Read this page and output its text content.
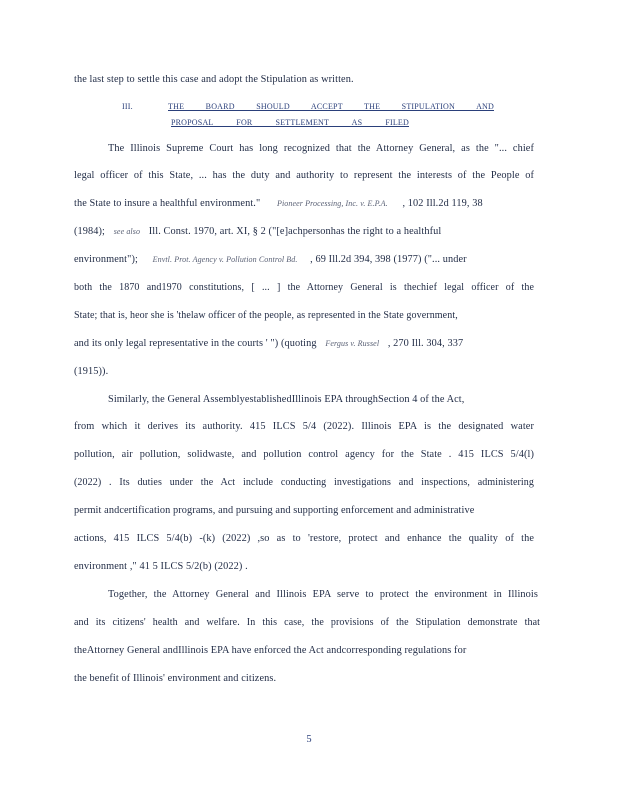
the last step to settle this case and adopt the Stipulation as written.
III.	THE BOARD SHOULD ACCEPT THE STIPULATION AND
PROPOSAL FOR SETTLEMENT AS FILED
The Illinois Supreme Court has long recognized that the Attorney General, as the "... chief
legal officer of this State, ... has the duty and authority to represent the interests of the People of
the State to insure a healthful environment." Pioneer Processing, Inc. v. E.P.A. , 102 Ill.2d 119, 38
(1984); see also Ill. Const. 1970, art. XI, § 2 ("[e]achpersonhas the right to a healthful
environment"); Envtl. Prot. Agency v. Pollution Control Bd. , 69 Ill.2d 394, 398 (1977) ("... under
both the 1870 and1970 constitutions, [ ... ] the Attorney General is thechief legal officer of the
State; that is, heor she is 'thelaw officer of the people, as represented in the State government,
and its only legal representative in the courts ' ") (quoting Fergus v. Russel , 270 Ill. 304, 337
(1915)).
Similarly, the General AssemblyestablishedIllinois EPA throughSection 4 of the Act,
from which it derives its authority. 415 ILCS 5/4 (2022). Illinois EPA is the designated water
pollution, air pollution, solidwaste, and pollution control agency for the State . 415 ILCS 5/4(l)
(2022) . Its duties under the Act include conducting investigations and inspections, administering
permit andcertification programs, and pursuing and supporting enforcement and administrative
actions, 415 ILCS 5/4(b) -(k) (2022) ,so as to 'restore, protect and enhance the quality of the
environment ," 41 5 ILCS 5/2(b) (2022) .
Together, the Attorney General and Illinois EPA serve to protect the environment in Illinois
and its citizens' health and welfare. In this case, the provisions of the Stipulation demonstrate that
theAttorney General andIllinois EPA have enforced the Act andcorresponding regulations for
the benefit of Illinois' environment and citizens.
5
